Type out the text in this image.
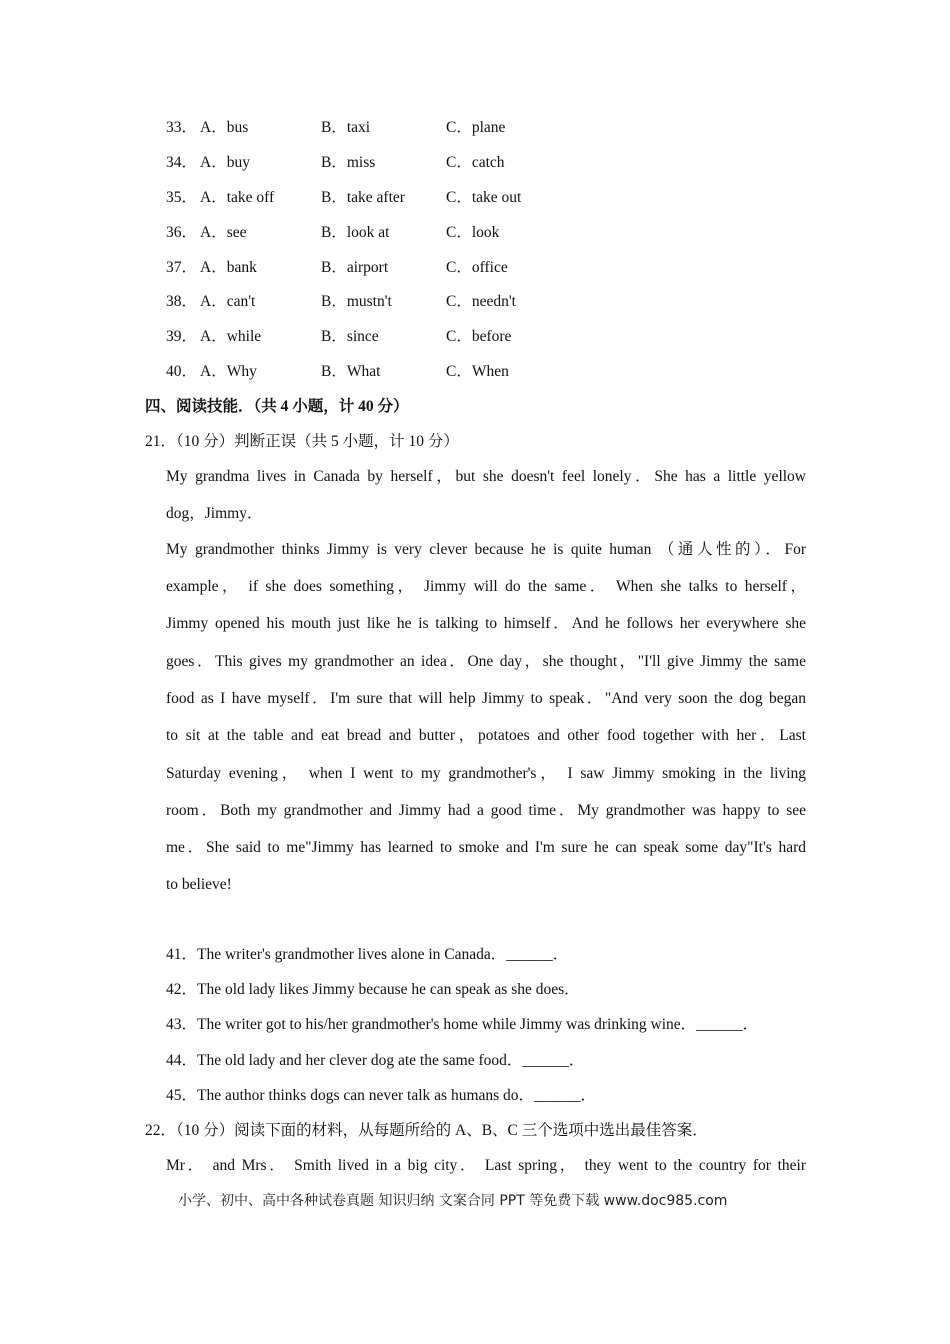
33． A．bus	B．taxi	C．plane
34． A．buy	B．miss	C．catch
35． A．take off	B．take after	C．take out
36． A．see	B．look at	C．look
37． A．bank	B．airport	C．office
38． A．can't	B．mustn't	C．needn't
39． A．while	B．since	C．before
40． A．Why	B．What	C．When
四、阅读技能．（共 4 小题，计 40 分）
21．（10 分）判断正误（共 5 小题，计 10 分）
My grandma lives in Canada by herself，but she doesn't feel lonely．She has a little yellow
dog，Jimmy．
My grandmother thinks Jimmy is very clever because he is quite human （通人性的）．For
example， if she does something， Jimmy will do the same． When she talks to herself，
Jimmy opened his mouth just like he is talking to himself．And he follows her everywhere she
goes．This gives my grandmother an idea．One day，she thought，"I'll give Jimmy the same
food as I have myself．I'm sure that will help Jimmy to speak．"And very soon the dog began
to sit at the table and eat bread and butter，potatoes and other food together with her．Last
Saturday evening， when I went to my grandmother's， I saw Jimmy smoking in the living
room．Both my grandmother and Jimmy had a good time．My grandmother was happy to see
me．She said to me"Jimmy has learned to smoke and I'm sure he can speak some day"It's hard
to believe!
41．The writer's grandmother lives alone in Canada．______．
42．The old lady likes Jimmy because he can speak as she does．
43．The writer got to his/her grandmother's home while Jimmy was drinking wine．______．
44．The old lady and her clever dog ate the same food．______．
45．The author thinks dogs can never talk as humans do．______．
22．（10 分）阅读下面的材料，从每题所给的 A、B、C 三个选项中选出最佳答案．
Mr． and Mrs． Smith lived in a big city． Last spring， they went to the country for their
小学、初中、高中各种试卷真题 知识归纳 文案合同 PPT 等免费下载 www.doc985.com
